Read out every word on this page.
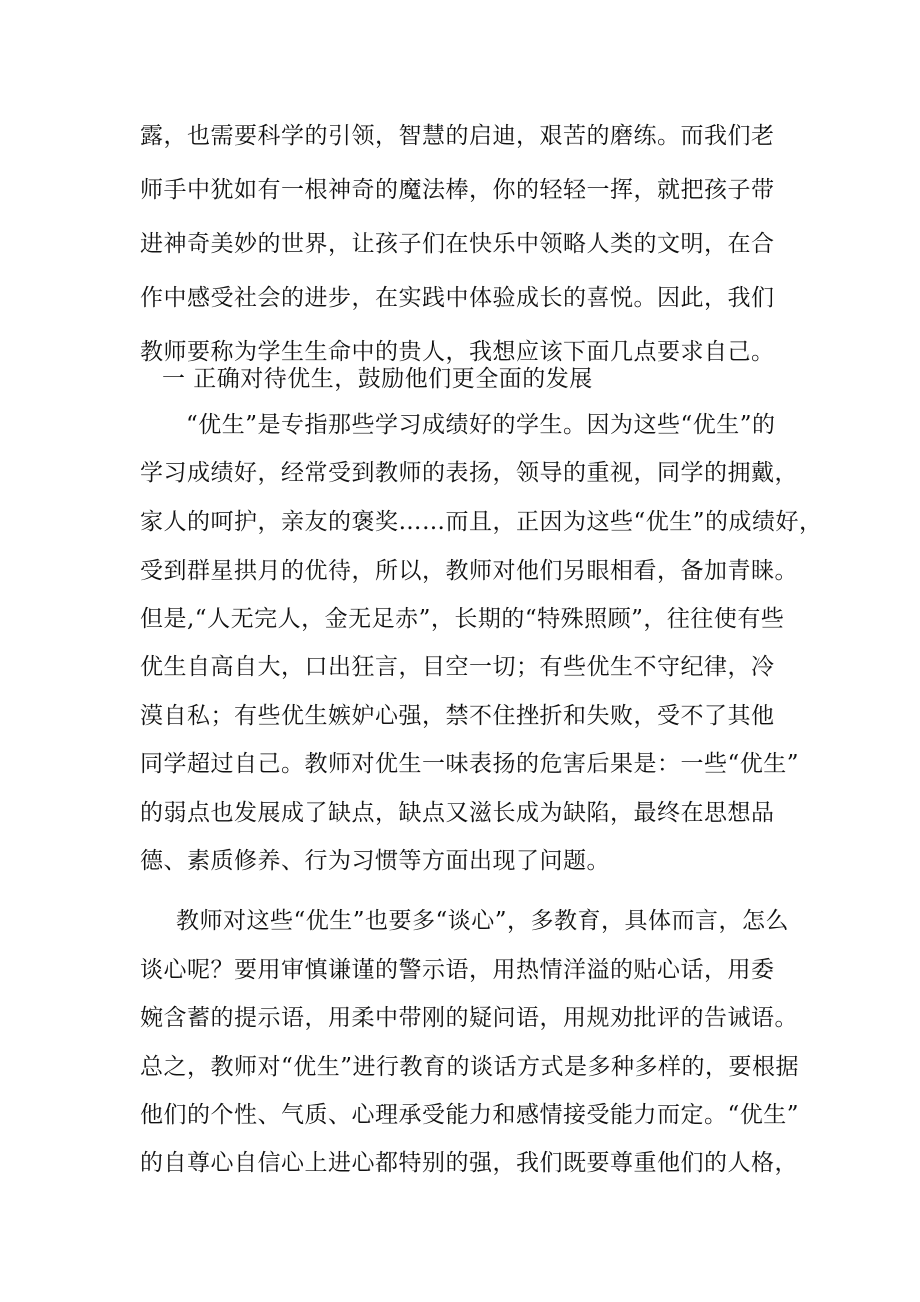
露，也需要科学的引领，智慧的启迪，艰苦的磨练。而我们老
师手中犹如有一根神奇的魔法棒，你的轻轻一挥，就把孩子带
进神奇美妙的世界，让孩子们在快乐中领略人类的文明，在合
作中感受社会的进步，在实践中体验成长的喜悦。因此，我们
教师要称为学生生命中的贵人，我想应该下面几点要求自己。
一 正确对待优生，鼓励他们更全面的发展
“优生”是专指那些学习成绩好的学生。因为这些“优生”的
学习成绩好，经常受到教师的表扬，领导的重视，同学的拥戴，
家人的呵护，亲友的褒奖……而且，正因为这些“优生”的成绩好，
受到群星拱月的优待，所以，教师对他们另眼相看，备加青睐。
但是,“人无完人，金无足赤”，长期的“特殊照顾”，往往使有些
优生自高自大，口出狂言，目空一切；有些优生不守纪律，冷
漠自私；有些优生嫉妒心强，禁不住挫折和失败，受不了其他
同学超过自己。教师对优生一味表扬的危害后果是：一些“优生”
的弱点也发展成了缺点，缺点又滋长成为缺陷，最终在思想品
德、素质修养、行为习惯等方面出现了问题。
教师对这些“优生”也要多“谈心”，多教育，具体而言，怎么
谈心呢？要用审慎谦谨的警示语，用热情洋溢的贴心话，用委
婉含蓄的提示语，用柔中带刚的疑问语，用规劝批评的告诫语。
总之，教师对“优生”进行教育的谈话方式是多种多样的，要根据
他们的个性、气质、心理承受能力和感情接受能力而定。“优生”
的自尊心自信心上进心都特别的强，我们既要尊重他们的人格，
